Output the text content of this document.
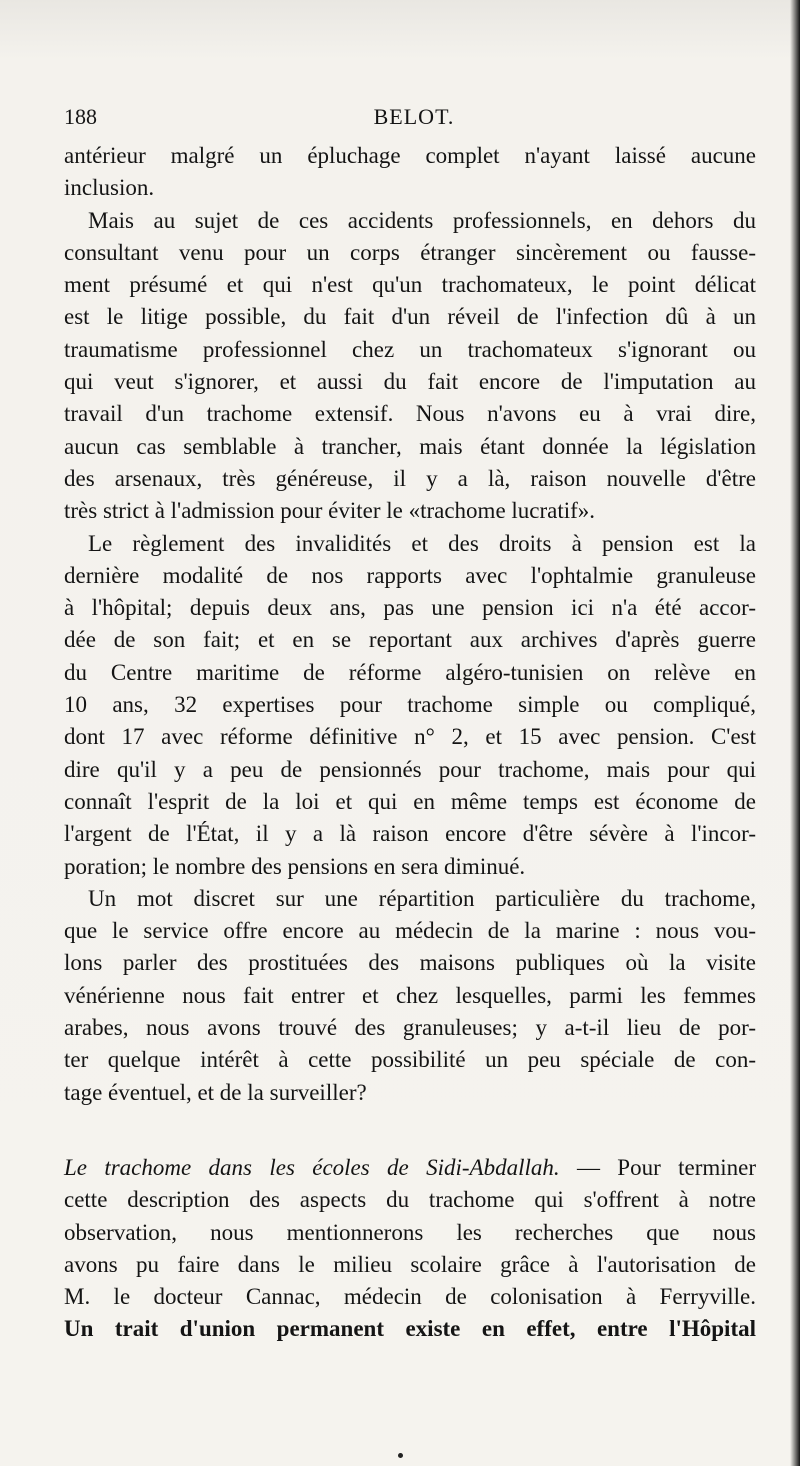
188	BELOT.
antérieur malgré un épluchage complet n'ayant laissé aucune
inclusion.
Mais au sujet de ces accidents professionnels, en dehors du
consultant venu pour un corps étranger sincèrement ou fausse-
ment présumé et qui n'est qu'un trachomateux, le point délicat
est le litige possible, du fait d'un réveil de l'infection dû à un
traumatisme professionnel chez un trachomateux s'ignorant ou
qui veut s'ignorer, et aussi du fait encore de l'imputation au
travail d'un trachome extensif. Nous n'avons eu à vrai dire,
aucun cas semblable à trancher, mais étant donnée la législation
des arsenaux, très généreuse, il y a là, raison nouvelle d'être
très strict à l'admission pour éviter le «trachome lucratif».
Le règlement des invalidités et des droits à pension est la
dernière modalité de nos rapports avec l'ophtalmie granuleuse
à l'hôpital; depuis deux ans, pas une pension ici n'a été accor-
dée de son fait; et en se reportant aux archives d'après guerre
du Centre maritime de réforme algéro-tunisien on relève en
10 ans, 32 expertises pour trachome simple ou compliqué,
dont 17 avec réforme définitive n° 2, et 15 avec pension. C'est
dire qu'il y a peu de pensionnés pour trachome, mais pour qui
connaît l'esprit de la loi et qui en même temps est économe de
l'argent de l'État, il y a là raison encore d'être sévère à l'incor-
poration; le nombre des pensions en sera diminué.
Un mot discret sur une répartition particulière du trachome,
que le service offre encore au médecin de la marine : nous vou-
lons parler des prostituées des maisons publiques où la visite
vénérienne nous fait entrer et chez lesquelles, parmi les femmes
arabes, nous avons trouvé des granuleuses; y a-t-il lieu de por-
ter quelque intérêt à cette possibilité un peu spéciale de con-
tage éventuel, et de la surveiller?
Le trachome dans les écoles de Sidi-Abdallah. — Pour terminer
cette description des aspects du trachome qui s'offrent à notre
observation, nous mentionnerons les recherches que nous
avons pu faire dans le milieu scolaire grâce à l'autorisation de
M. le docteur Cannac, médecin de colonisation à Ferryville.
Un trait d'union permanent existe en effet, entre l'Hôpital
